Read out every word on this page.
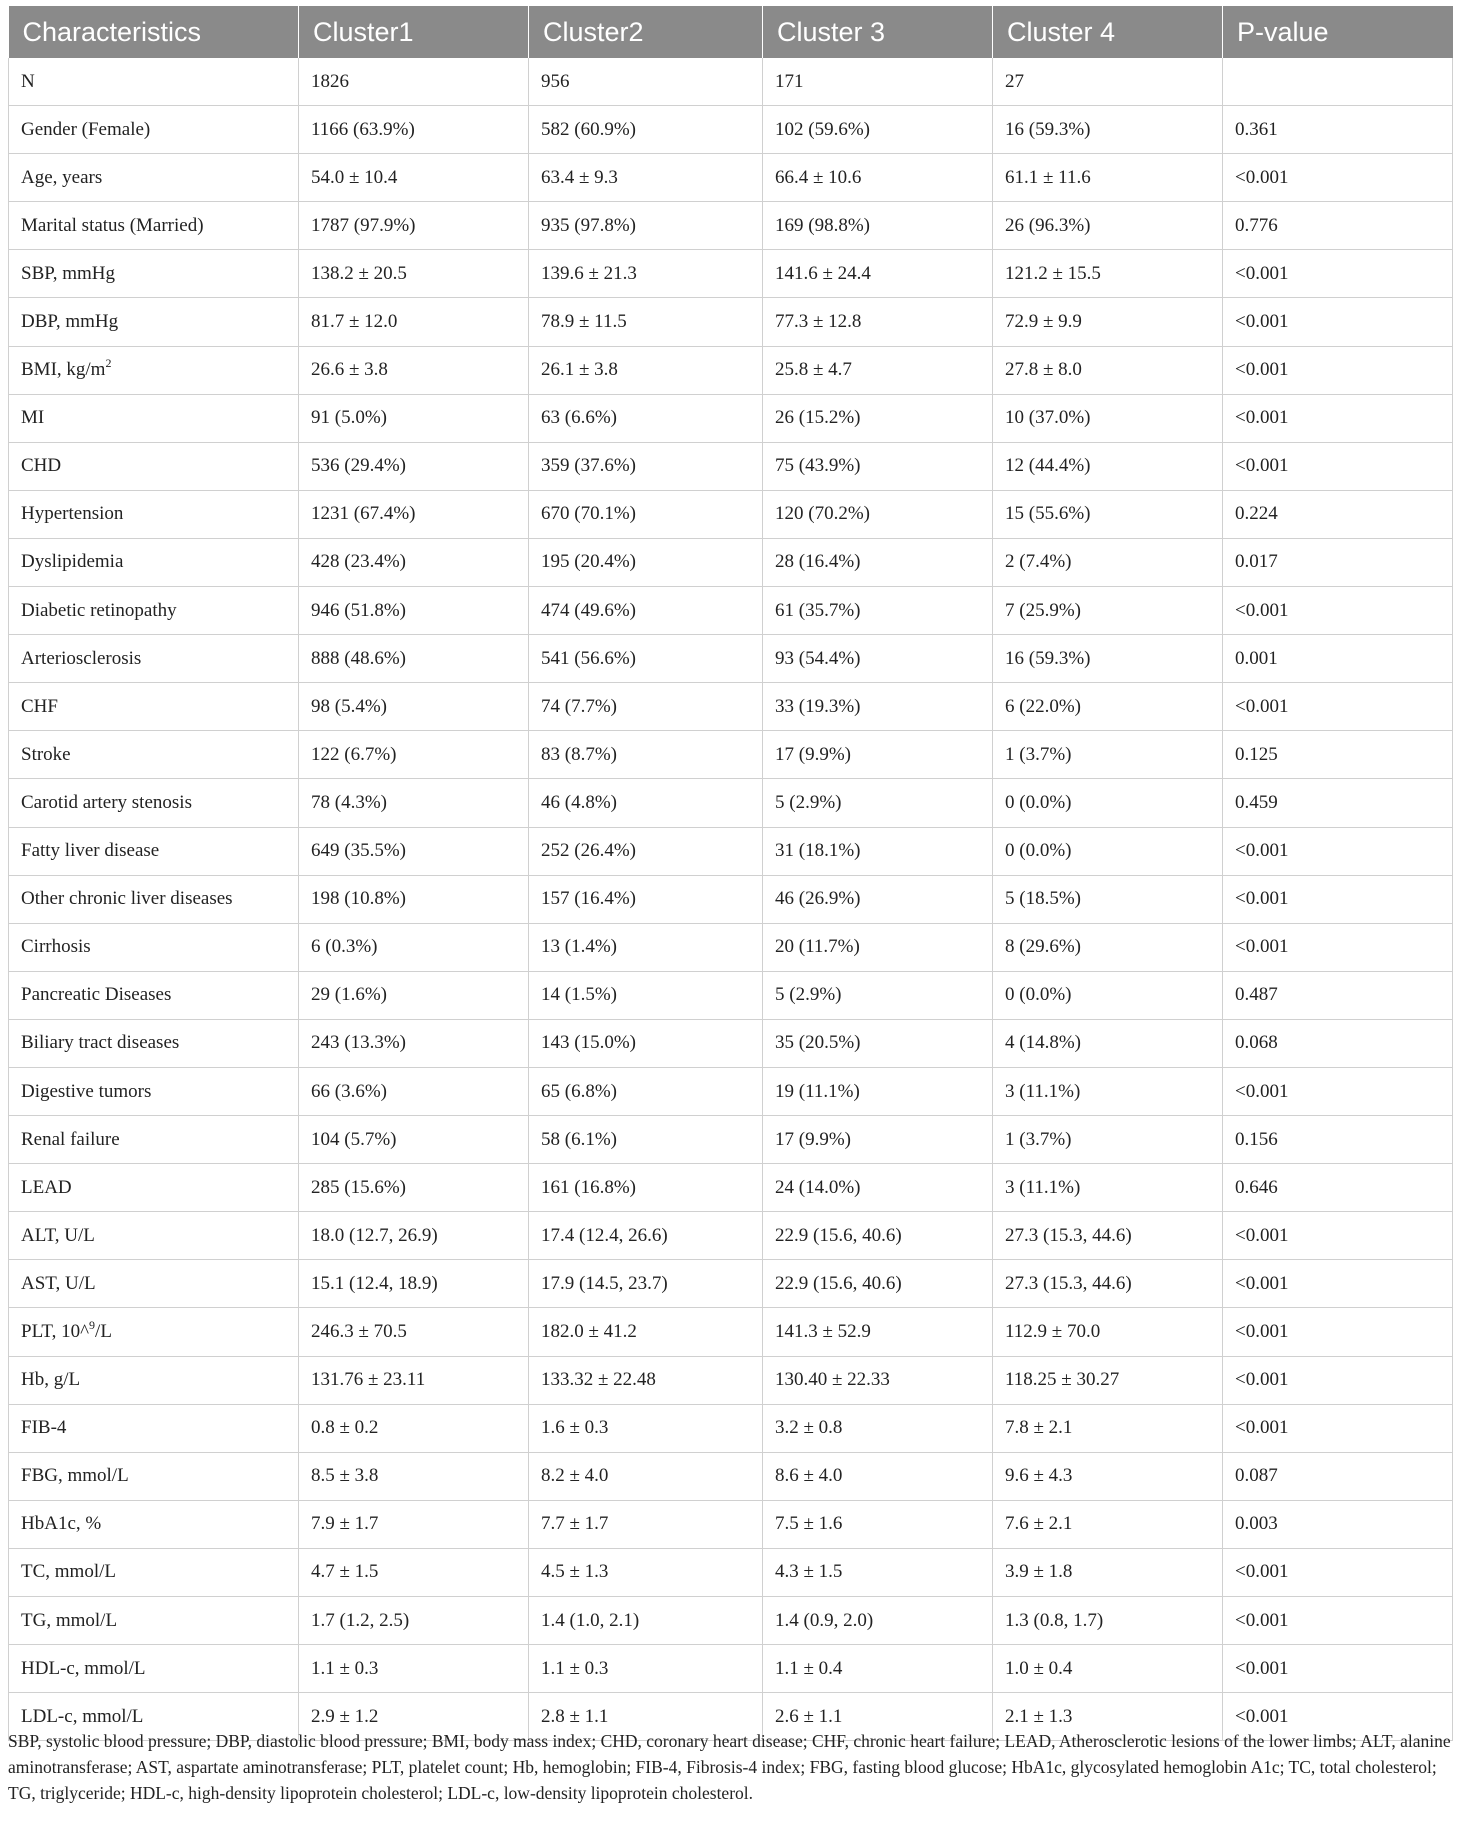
Characteristics	Cluster1	Cluster2	Cluster 3	Cluster 4	P-value
N	1826	956	171	27	
Gender (Female)	1166 (63.9%)	582 (60.9%)	102 (59.6%)	16 (59.3%)	0.361
Age, years	54.0 ± 10.4	63.4 ± 9.3	66.4 ± 10.6	61.1 ± 11.6	<0.001
Marital status (Married)	1787 (97.9%)	935 (97.8%)	169 (98.8%)	26 (96.3%)	0.776
SBP, mmHg	138.2 ± 20.5	139.6 ± 21.3	141.6 ± 24.4	121.2 ± 15.5	<0.001
DBP, mmHg	81.7 ± 12.0	78.9 ± 11.5	77.3 ± 12.8	72.9 ± 9.9	<0.001
BMI, $kg/m^2$	26.6 ± 3.8	26.1 ± 3.8	25.8 ± 4.7	27.8 ± 8.0	<0.001
MI	91 (5.0%)	63 (6.6%)	26 (15.2%)	10 (37.0%)	<0.001
CHD	536 (29.4%)	359 (37.6%)	75 (43.9%)	12 (44.4%)	<0.001
Hypertension	1231 (67.4%)	670 (70.1%)	120 (70.2%)	15 (55.6%)	0.224
Dyslipidemia	428 (23.4%)	195 (20.4%)	28 (16.4%)	2 (7.4%)	0.017
Diabetic retinopathy	946 (51.8%)	474 (49.6%)	61 (35.7%)	7 (25.9%)	<0.001
Arteriosclerosis	888 (48.6%)	541 (56.6%)	93 (54.4%)	16 (59.3%)	0.001
CHF	98 (5.4%)	74 (7.7%)	33 (19.3%)	6 (22.0%)	<0.001
Stroke	122 (6.7%)	83 (8.7%)	17 (9.9%)	1 (3.7%)	0.125
Carotid artery stenosis	78 (4.3%)	46 (4.8%)	5 (2.9%)	0 (0.0%)	0.459
Fatty liver disease	649 (35.5%)	252 (26.4%)	31 (18.1%)	0 (0.0%)	<0.001
Other chronic liver diseases	198 (10.8%)	157 (16.4%)	46 (26.9%)	5 (18.5%)	<0.001
Cirrhosis	6 (0.3%)	13 (1.4%)	20 (11.7%)	8 (29.6%)	<0.001
Pancreatic Diseases	29 (1.6%)	14 (1.5%)	5 (2.9%)	0 (0.0%)	0.487
Biliary tract diseases	243 (13.3%)	143 (15.0%)	35 (20.5%)	4 (14.8%)	0.068
Digestive tumors	66 (3.6%)	65 (6.8%)	19 (11.1%)	3 (11.1%)	<0.001
Renal failure	104 (5.7%)	58 (6.1%)	17 (9.9%)	1 (3.7%)	0.156
LEAD	285 (15.6%)	161 (16.8%)	24 (14.0%)	3 (11.1%)	0.646
ALT, U/L	18.0 (12.7, 26.9)	17.4 (12.4, 26.6)	22.9 (15.6, 40.6)	27.3 (15.3, 44.6)	<0.001
AST, U/L	15.1 (12.4, 18.9)	17.9 (14.5, 23.7)	22.9 (15.6, 40.6)	27.3 (15.3, 44.6)	<0.001
PLT, 10^$^9$/L	246.3 ± 70.5	182.0 ± 41.2	141.3 ± 52.9	112.9 ± 70.0	<0.001
Hb, g/L	131.76 ± 23.11	133.32 ± 22.48	130.40 ± 22.33	118.25 ± 30.27	<0.001
FIB-4	0.8 ± 0.2	1.6 ± 0.3	3.2 ± 0.8	7.8 ± 2.1	<0.001
FBG, mmol/L	8.5 ± 3.8	8.2 ± 4.0	8.6 ± 4.0	9.6 ± 4.3	0.087
HbA1c, %	7.9 ± 1.7	7.7 ± 1.7	7.5 ± 1.6	7.6 ± 2.1	0.003
TC, mmol/L	4.7 ± 1.5	4.5 ± 1.3	4.3 ± 1.5	3.9 ± 1.8	<0.001
TG, mmol/L	1.7 (1.2, 2.5)	1.4 (1.0, 2.1)	1.4 (0.9, 2.0)	1.3 (0.8, 1.7)	<0.001
HDL-c, mmol/L	1.1 ± 0.3	1.1 ± 0.3	1.1 ± 0.4	1.0 ± 0.4	<0.001
LDL-c, mmol/L	2.9 ± 1.2	2.8 ± 1.1	2.6 ± 1.1	2.1 ± 1.3	<0.001
SBP, systolic blood pressure; DBP, diastolic blood pressure; BMI, body mass index; CHD, coronary heart disease; CHF, chronic heart failure; LEAD, Atherosclerotic lesions of the lower limbs; ALT, alanine aminotransferase; AST, aspartate aminotransferase; PLT, platelet count; Hb, hemoglobin; FIB-4, Fibrosis-4 index; FBG, fasting blood glucose; HbA1c, glycosylated hemoglobin A1c; TC, total cholesterol; TG, triglyceride; HDL-c, high-density lipoprotein cholesterol; LDL-c, low-density lipoprotein cholesterol.
